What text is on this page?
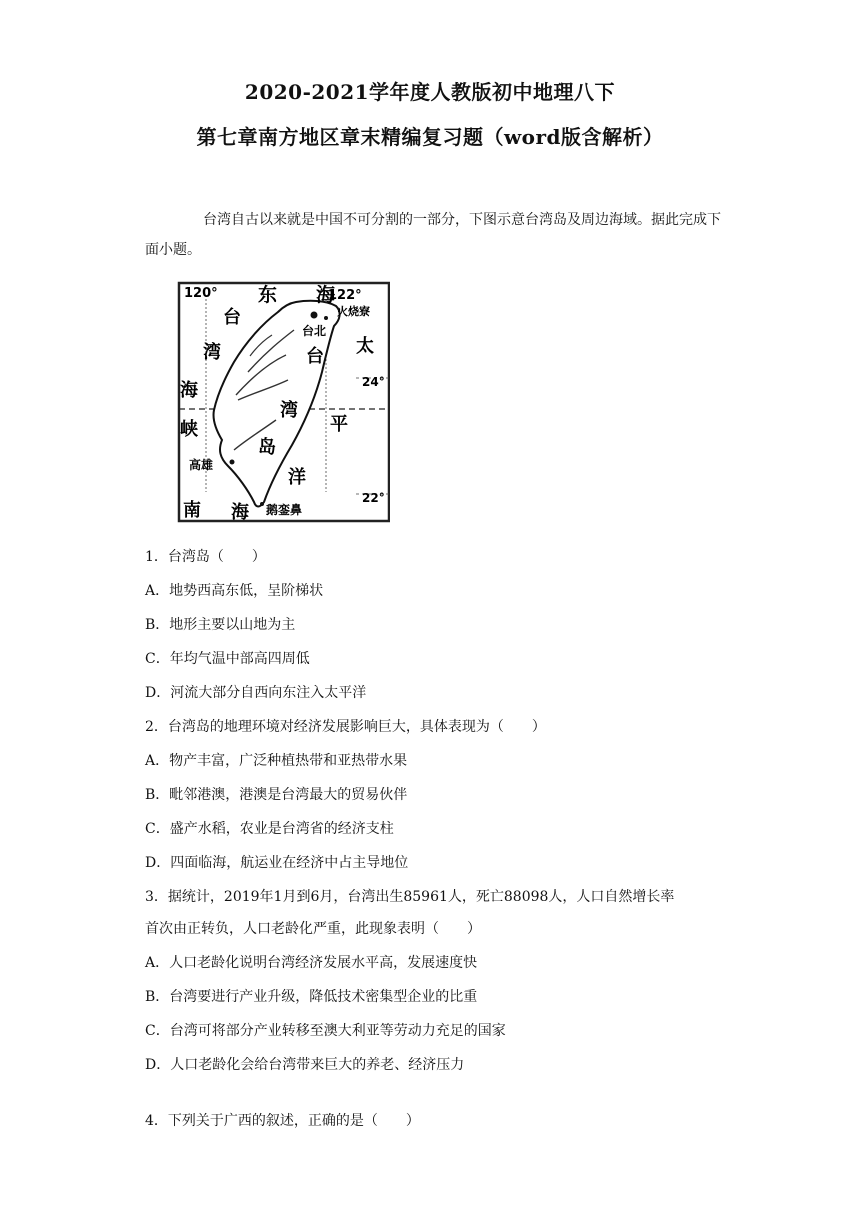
2020-2021学年度人教版初中地理八下
第七章南方地区章末精编复习题（word版含解析）
台湾自古以来就是中国不可分割的一部分，下图示意台湾岛及周边海域。据此完成下面小题。
120°	122°
24°
22°
台北
火烧寮
高雄
鹅銮鼻
东 海
台
湾
海
峡
台
湾
岛
太
平
洋
南 海
1．台湾岛（　　）
A．地势西高东低，呈阶梯状
B．地形主要以山地为主
C．年均气温中部高四周低
D．河流大部分自西向东注入太平洋
2．台湾岛的地理环境对经济发展影响巨大，具体表现为（　　）
A．物产丰富，广泛种植热带和亚热带水果
B．毗邻港澳，港澳是台湾最大的贸易伙伴
C．盛产水稻，农业是台湾省的经济支柱
D．四面临海，航运业在经济中占主导地位
3．据统计，2019年1月到6月，台湾出生85961人，死亡88098人，人口自然增长率
首次由正转负，人口老龄化严重，此现象表明（　　）
A．人口老龄化说明台湾经济发展水平高，发展速度快
B．台湾要进行产业升级，降低技术密集型企业的比重
C．台湾可将部分产业转移至澳大利亚等劳动力充足的国家
D．人口老龄化会给台湾带来巨大的养老、经济压力
4．下列关于广西的叙述，正确的是（　　）
